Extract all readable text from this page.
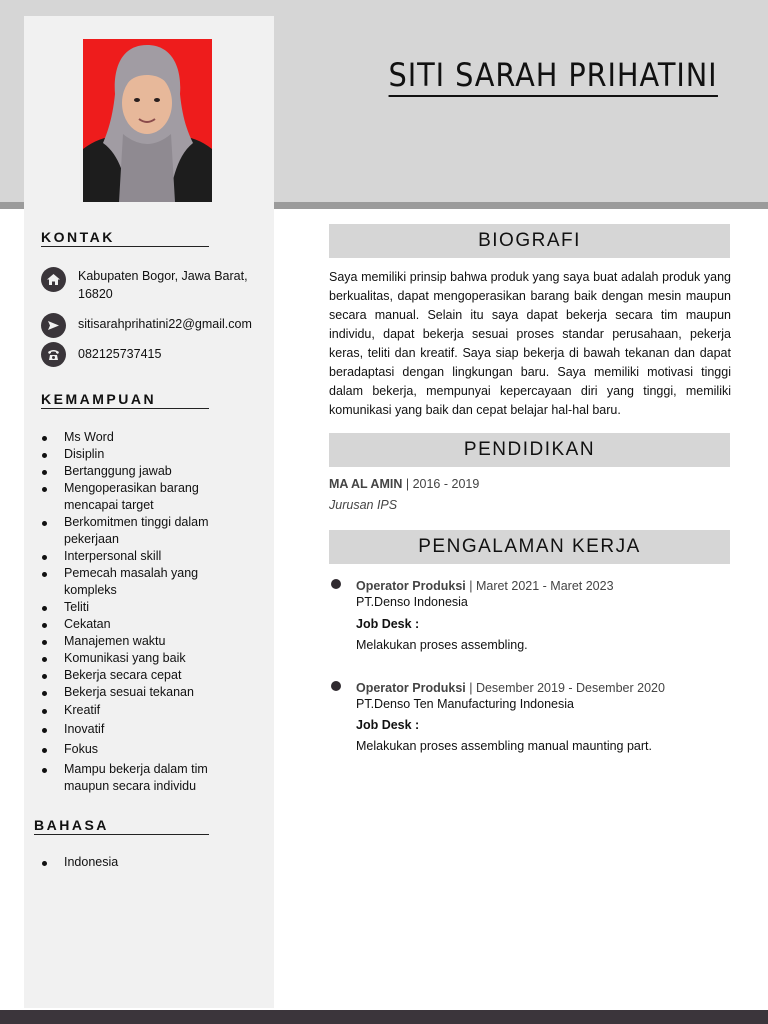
SITI SARAH PRIHATINI
KONTAK
Kabupaten Bogor, Jawa Barat,
16820
sitisarahprihatini22@gmail.com
082125737415
KEMAMPUAN
Ms Word
Disiplin
Bertanggung jawab
Mengoperasikan barang mencapai target
Berkomitmen tinggi dalam pekerjaan
Interpersonal skill
Pemecah masalah yang kompleks
Teliti
Cekatan
Manajemen waktu
Komunikasi yang baik
Bekerja secara cepat
Bekerja sesuai tekanan
Kreatif
Inovatif
Fokus
Mampu bekerja dalam tim maupun secara individu
BAHASA
Indonesia
BIOGRAFI
Saya memiliki prinsip bahwa produk yang saya buat adalah produk yang berkualitas, dapat mengoperasikan barang baik dengan mesin maupun secara manual. Selain itu saya dapat bekerja secara tim maupun individu, dapat bekerja sesuai proses standar perusahaan, pekerja keras, teliti dan kreatif. Saya siap bekerja di bawah tekanan dan dapat beradaptasi dengan lingkungan baru. Saya memiliki motivasi tinggi dalam bekerja, mempunyai kepercayaan diri yang tinggi, memiliki komunikasi yang baik dan cepat belajar hal-hal baru.
PENDIDIKAN
MA AL AMIN | 2016 - 2019
Jurusan IPS
PENGALAMAN KERJA
Operator Produksi | Maret 2021 - Maret 2023
PT.Denso Indonesia
Job Desk :
Melakukan proses assembling.
Operator Produksi | Desember 2019 - Desember 2020
PT.Denso Ten Manufacturing Indonesia
Job Desk :
Melakukan proses assembling manual maunting part.
